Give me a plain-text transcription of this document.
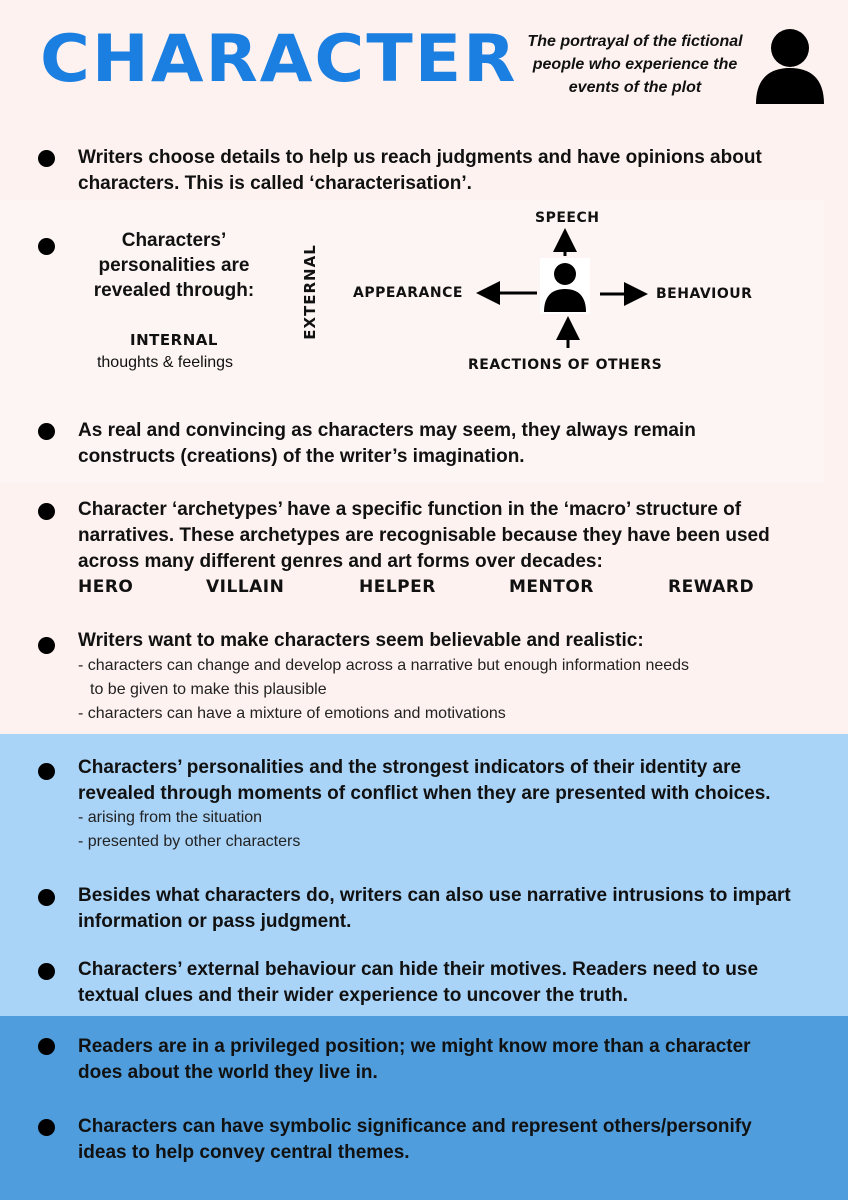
CHARACTER The portrayal of the fictional people who experience the events of the plot

Writers choose details to help us reach judgments and have opinions about characters. This is called ‘characterisation’.

Characters’ personalities are revealed through:
INTERNAL
thoughts & feelings
EXTERNAL
SPEECH
APPEARANCE	BEHAVIOUR
REACTIONS OF OTHERS

As real and convincing as characters may seem, they always remain constructs (creations) of the writer’s imagination.

Character ‘archetypes’ have a specific function in the ‘macro’ structure of narratives. These archetypes are recognisable because they have been used across many different genres and art forms over decades:

HERO	VILLAIN	HELPER	MENTOR	REWARD

Writers want to make characters seem believable and realistic:

- characters can change and develop across a narrative but enough information needs
to be given to make this plausible
- characters can have a mixture of emotions and motivations

Characters’ personalities and the strongest indicators of their identity are revealed through moments of conflict when they are presented with choices.

- arising from the situation
- presented by other characters

Besides what characters do, writers can also use narrative intrusions to impart information or pass judgment.

Characters’ external behaviour can hide their motives. Readers need to use textual clues and their wider experience to uncover the truth.

Readers are in a privileged position; we might know more than a character does about the world they live in.

Characters can have symbolic significance and represent others/personify ideas to help convey central themes.
